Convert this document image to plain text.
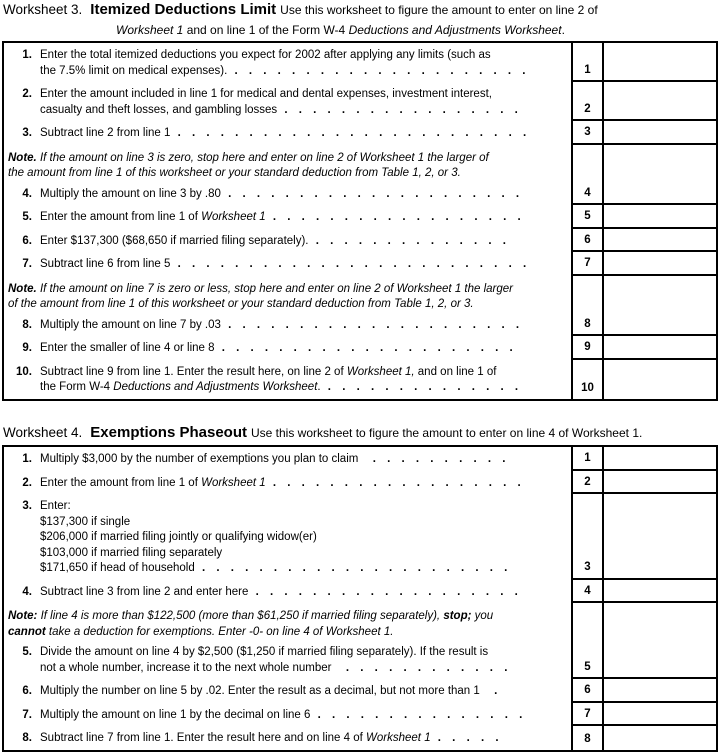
Worksheet 3. Itemized Deductions Limit Use this worksheet to figure the amount to enter on line 2 of
Worksheet 1 and on line 1 of the Form W-4 Deductions and Adjustments Worksheet.
1. Enter the total itemized deductions you expect for 2002 after applying any limits (such as
the 7.5% limit on medical expenses). . . . . . . . . . . . . . . . . . . . . .	1
2. Enter the amount included in line 1 for medical and dental expenses, investment interest,
casualty and theft losses, and gambling losses . . . . . . . . . . . . . . . . .	2
3. Subtract line 2 from line 1 . . . . . . . . . . . . . . . . . . . . . . . . .	3
Note. If the amount on line 3 is zero, stop here and enter on line 2 of Worksheet 1 the larger of
the amount from line 1 of this worksheet or your standard deduction from Table 1, 2, or 3.
4. Multiply the amount on line 3 by .80 . . . . . . . . . . . . . . . . . . . . .	4
5. Enter the amount from line 1 of Worksheet 1 . . . . . . . . . . . . . . . . . .	5
6. Enter $137,300 ($68,650 if married filing separately). . . . . . . . . . . . . . .	6
7. Subtract line 6 from line 5 . . . . . . . . . . . . . . . . . . . . . . . . .	7
Note. If the amount on line 7 is zero or less, stop here and enter on line 2 of Worksheet 1 the larger
of the amount from line 1 of this worksheet or your standard deduction from Table 1, 2, or 3.
8. Multiply the amount on line 7 by .03 . . . . . . . . . . . . . . . . . . . . .	8
9. Enter the smaller of line 4 or line 8 . . . . . . . . . . . . . . . . . . . . .	9
10. Subtract line 9 from line 1. Enter the result here, on line 2 of Worksheet 1, and on line 1 of
the Form W-4 Deductions and Adjustments Worksheet. . . . . . . . . . . . . . .	10
Worksheet 4. Exemptions Phaseout Use this worksheet to figure the amount to enter on line 4 of Worksheet 1.
1. Multiply $3,000 by the number of exemptions you plan to claim  . . . . . . . . . .	1
2. Enter the amount from line 1 of Worksheet 1 . . . . . . . . . . . . . . . . . .	2
3. Enter:
$137,300 if single
$206,000 if married filing jointly or qualifying widow(er)
$103,000 if married filing separately
$171,650 if head of household . . . . . . . . . . . . . . . . . . . . . .	3
4. Subtract line 3 from line 2 and enter here . . . . . . . . . . . . . . . . . . .	4
Note: If line 4 is more than $122,500 (more than $61,250 if married filing separately), stop; you
cannot take a deduction for exemptions. Enter -0- on line 4 of Worksheet 1.
5. Divide the amount on line 4 by $2,500 ($1,250 if married filing separately). If the result is
not a whole number, increase it to the next whole number  . . . . . . . . . . . .	5
6. Multiply the number on line 5 by .02. Enter the result as a decimal, but not more than 1  .	6
7. Multiply the amount on line 1 by the decimal on line 6 . . . . . . . . . . . . . . .	7
8. Subtract line 7 from line 1. Enter the result here and on line 4 of Worksheet 1 . . . . .	8
